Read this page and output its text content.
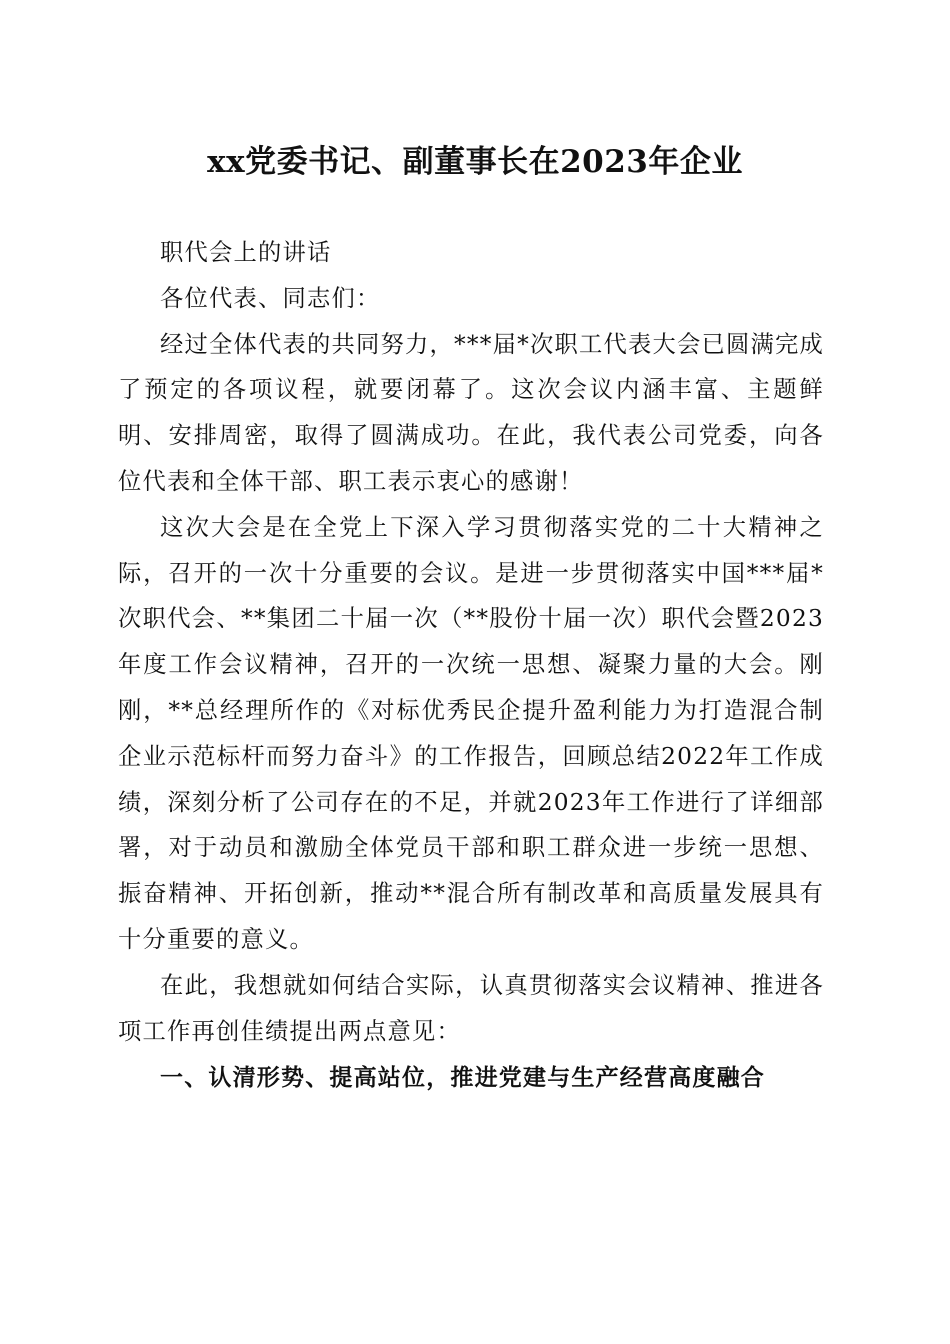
xx党委书记、副董事长在2023年企业

职代会上的讲话

各位代表、同志们：

经过全体代表的共同努力，***届*次职工代表大会已圆满完成了预定的各项议程，就要闭幕了。这次会议内涵丰富、主题鲜明、安排周密，取得了圆满成功。在此，我代表公司党委，向各位代表和全体干部、职工表示衷心的感谢！

这次大会是在全党上下深入学习贯彻落实党的二十大精神之际，召开的一次十分重要的会议。是进一步贯彻落实中国***届*次职代会、**集团二十届一次（**股份十届一次）职代会暨2023年度工作会议精神，召开的一次统一思想、凝聚力量的大会。刚刚，**总经理所作的《对标优秀民企提升盈利能力为打造混合制企业示范标杆而努力奋斗》的工作报告，回顾总结2022年工作成绩，深刻分析了公司存在的不足，并就2023年工作进行了详细部署，对于动员和激励全体党员干部和职工群众进一步统一思想、振奋精神、开拓创新，推动**混合所有制改革和高质量发展具有十分重要的意义。

在此，我想就如何结合实际，认真贯彻落实会议精神、推进各项工作再创佳绩提出两点意见：

一、认清形势、提高站位，推进党建与生产经营高度融合
